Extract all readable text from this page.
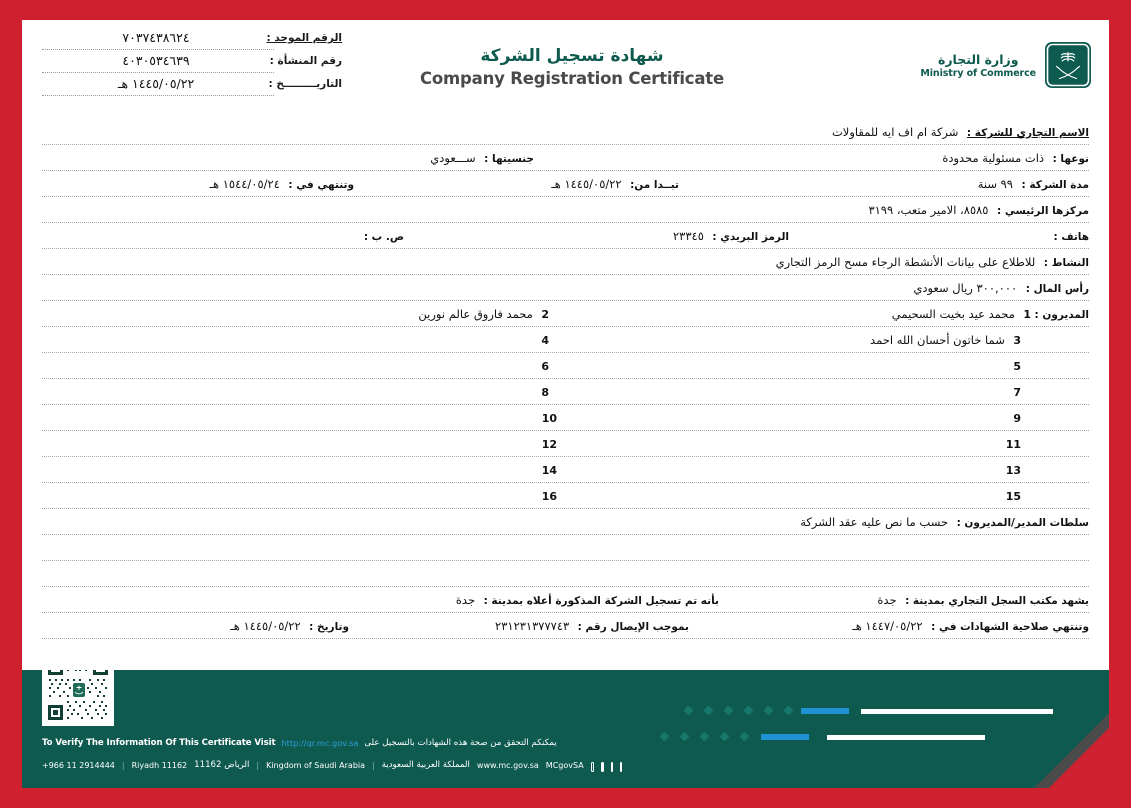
الرقم الموحد :
٧٠٣٧٤٣٨٦٢٤
رقم المنشأة :
٤٠٣٠٥٣٤٦٣٩
التاريـــــــــخ :
١٤٤٥/٠٥/٢٢ هـ
شهادة تسجيل الشركة
Company Registration Certificate
وزارة التجارة
Ministry of Commerce
الاسم التجاري للشركة : شركة ام اف ايه للمقاولات
نوعها : ذات مسئولية محدودة
جنسيتها : ســـعودي
مدة الشركة : ٩٩ سنة
تبــدا من: ١٤٤٥/٠٥/٢٢ هـ
وتنتهي في : ١٥٤٤/٠٥/٢٤ هـ
مركزها الرئيسي : ٨٥٨٥، الامير متعب، ٣١٩٩
هاتف :
الرمز البريدي : ٢٣٣٤٥
ص. ب :
النشاط : للاطلاع على بيانات الأنشطة الرجاء مسح الرمز التجاري
رأس المال : ٣٠٠,٠٠٠ ريال سعودي
المديرون : 1 محمد عيد بخيت السحيمي
2 محمد فاروق عالم نورين
3 شما خاتون أحسان الله احمد
4
5
6
7
8
9
10
11
12
13
14
15
16
سلطات المدير/المديرون : حسب ما نص عليه عقد الشركة
يشهد مكتب السجل التجاري بمدينة : جدة
بأنه تم تسجيل الشركة المذكورة أعلاه بمدينة : جدة
وتنتهي صلاحية الشهادات في : ١٤٤٧/٠٥/٢٢ هـ
بموجب الإيصال رقم : ٢٣١٢٣١٣٧٧٧٤٣
وتاريخ : ١٤٤٥/٠٥/٢٢ هـ
To Verify The Information Of This Certificate Visit http://qr.mc.gov.sa يمكنكم التحقق من صحة هذه الشهادات بالتسجيل على
+966 11 2914444 | Riyadh 11162 الرياض 11162 | Kingdom of Saudi Arabia | المملكة العربية السعودية www.mc.gov.sa MCgovSA
